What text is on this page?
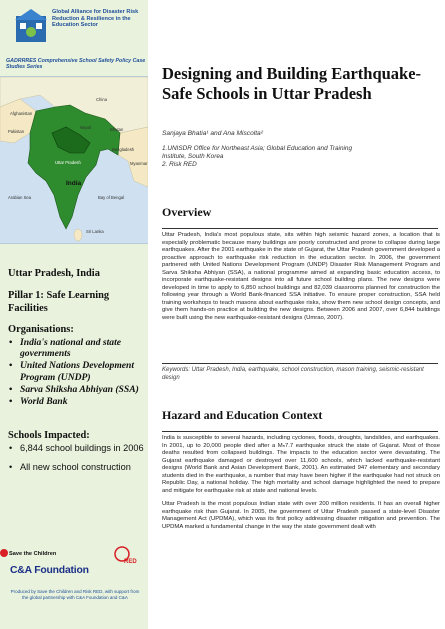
Global Alliance for Disaster Risk Reduction & Resilience in the Education Sector
GADRRRES Comprehensive School Safety Policy Case Studies Series
China
Afghanistan
Pakistan
Nepal	Bhutan
Bangladesh
Myanmar
Arabian Sea	Bay of Bengal
Sri Lanka
Uttar Pradesh
India
Uttar Pradesh, India
Pillar 1: Safe Learning Facilities
Organisations:
• India's national and state governments
• United Nations Development Program (UNDP)
• Sarva Shiksha Abhiyan (SSA)
• World Bank
Schools Impacted:
• 6,844 school buildings in 2006
• All new school construction
Save the Children
RED
C&A Foundation
Produced by Save the Children and Risk RED, with support from the global partnership with C&A Foundation and C&A
Designing and Building Earthquake-Safe Schools in Uttar Pradesh
Sanjaya Bhatia¹ and Ana Miscolta²
1.UNISDR Office for Northeast Asia; Global Education and Training
Institute, South Korea
2. Risk RED
Overview

Uttar Pradesh, India's most populous state, sits within high seismic hazard zones, a location that is especially problematic because many buildings are poorly constructed and prone to collapse during large earthquakes. After the 2001 earthquake in the state of Gujarat, the Uttar Pradesh government developed a proactive approach to earthquake risk reduction in the education sector. In 2006, the government partnered with United Nations Development Program (UNDP) Disaster Risk Management Program and Sarva Shiksha Abhiyan (SSA), a national programme aimed at expanding basic education access, to incorporate earthquake-resistant designs into all future school building plans. The new designs were developed in time to apply to 6,850 school buildings and 82,039 classrooms planned for construction the following year through a World Bank-financed SSA initiative. To ensure proper construction, SSA held training workshops to teach masons about earthquake risks, show them new school design concepts, and give them hands-on practice at building the new designs. Between 2006 and 2007, over 6,844 buildings were built using the new earthquake-resistant designs (Umrao, 2007).

Keywords: Uttar Pradesh, India, earthquake, school construction, mason training, seismic-resistant design

Hazard and Education Context

India is susceptible to several hazards, including cyclones, floods, droughts, landslides, and earthquakes. In 2001, up to 20,000 people died after a Mₙ7.7 earthquake struck the state of Gujarat. Most of those deaths resulted from collapsed buildings. The impacts to the education sector were devastating. The Gujarat earthquake damaged or destroyed over 11,600 schools, which lacked earthquake-resistant designs (World Bank and Asian Development Bank, 2001). An estimated 947 elementary and secondary students died in the earthquake, a number that may have been higher if the earthquake had not struck on Republic Day, a national holiday. The high mortality and school damage highlighted the need to prepare and mitigate for earthquake risk at state and national levels.

Uttar Pradesh is the most populous Indian state with over 200 million residents. It has an overall higher earthquake risk than Gujarat. In 2005, the government of Uttar Pradesh passed a state-level Disaster Management Act (UPDMA), which was its first policy addressing disaster mitigation and prevention. The UPDMA marked a fundamental change in the way the state government dealt with
